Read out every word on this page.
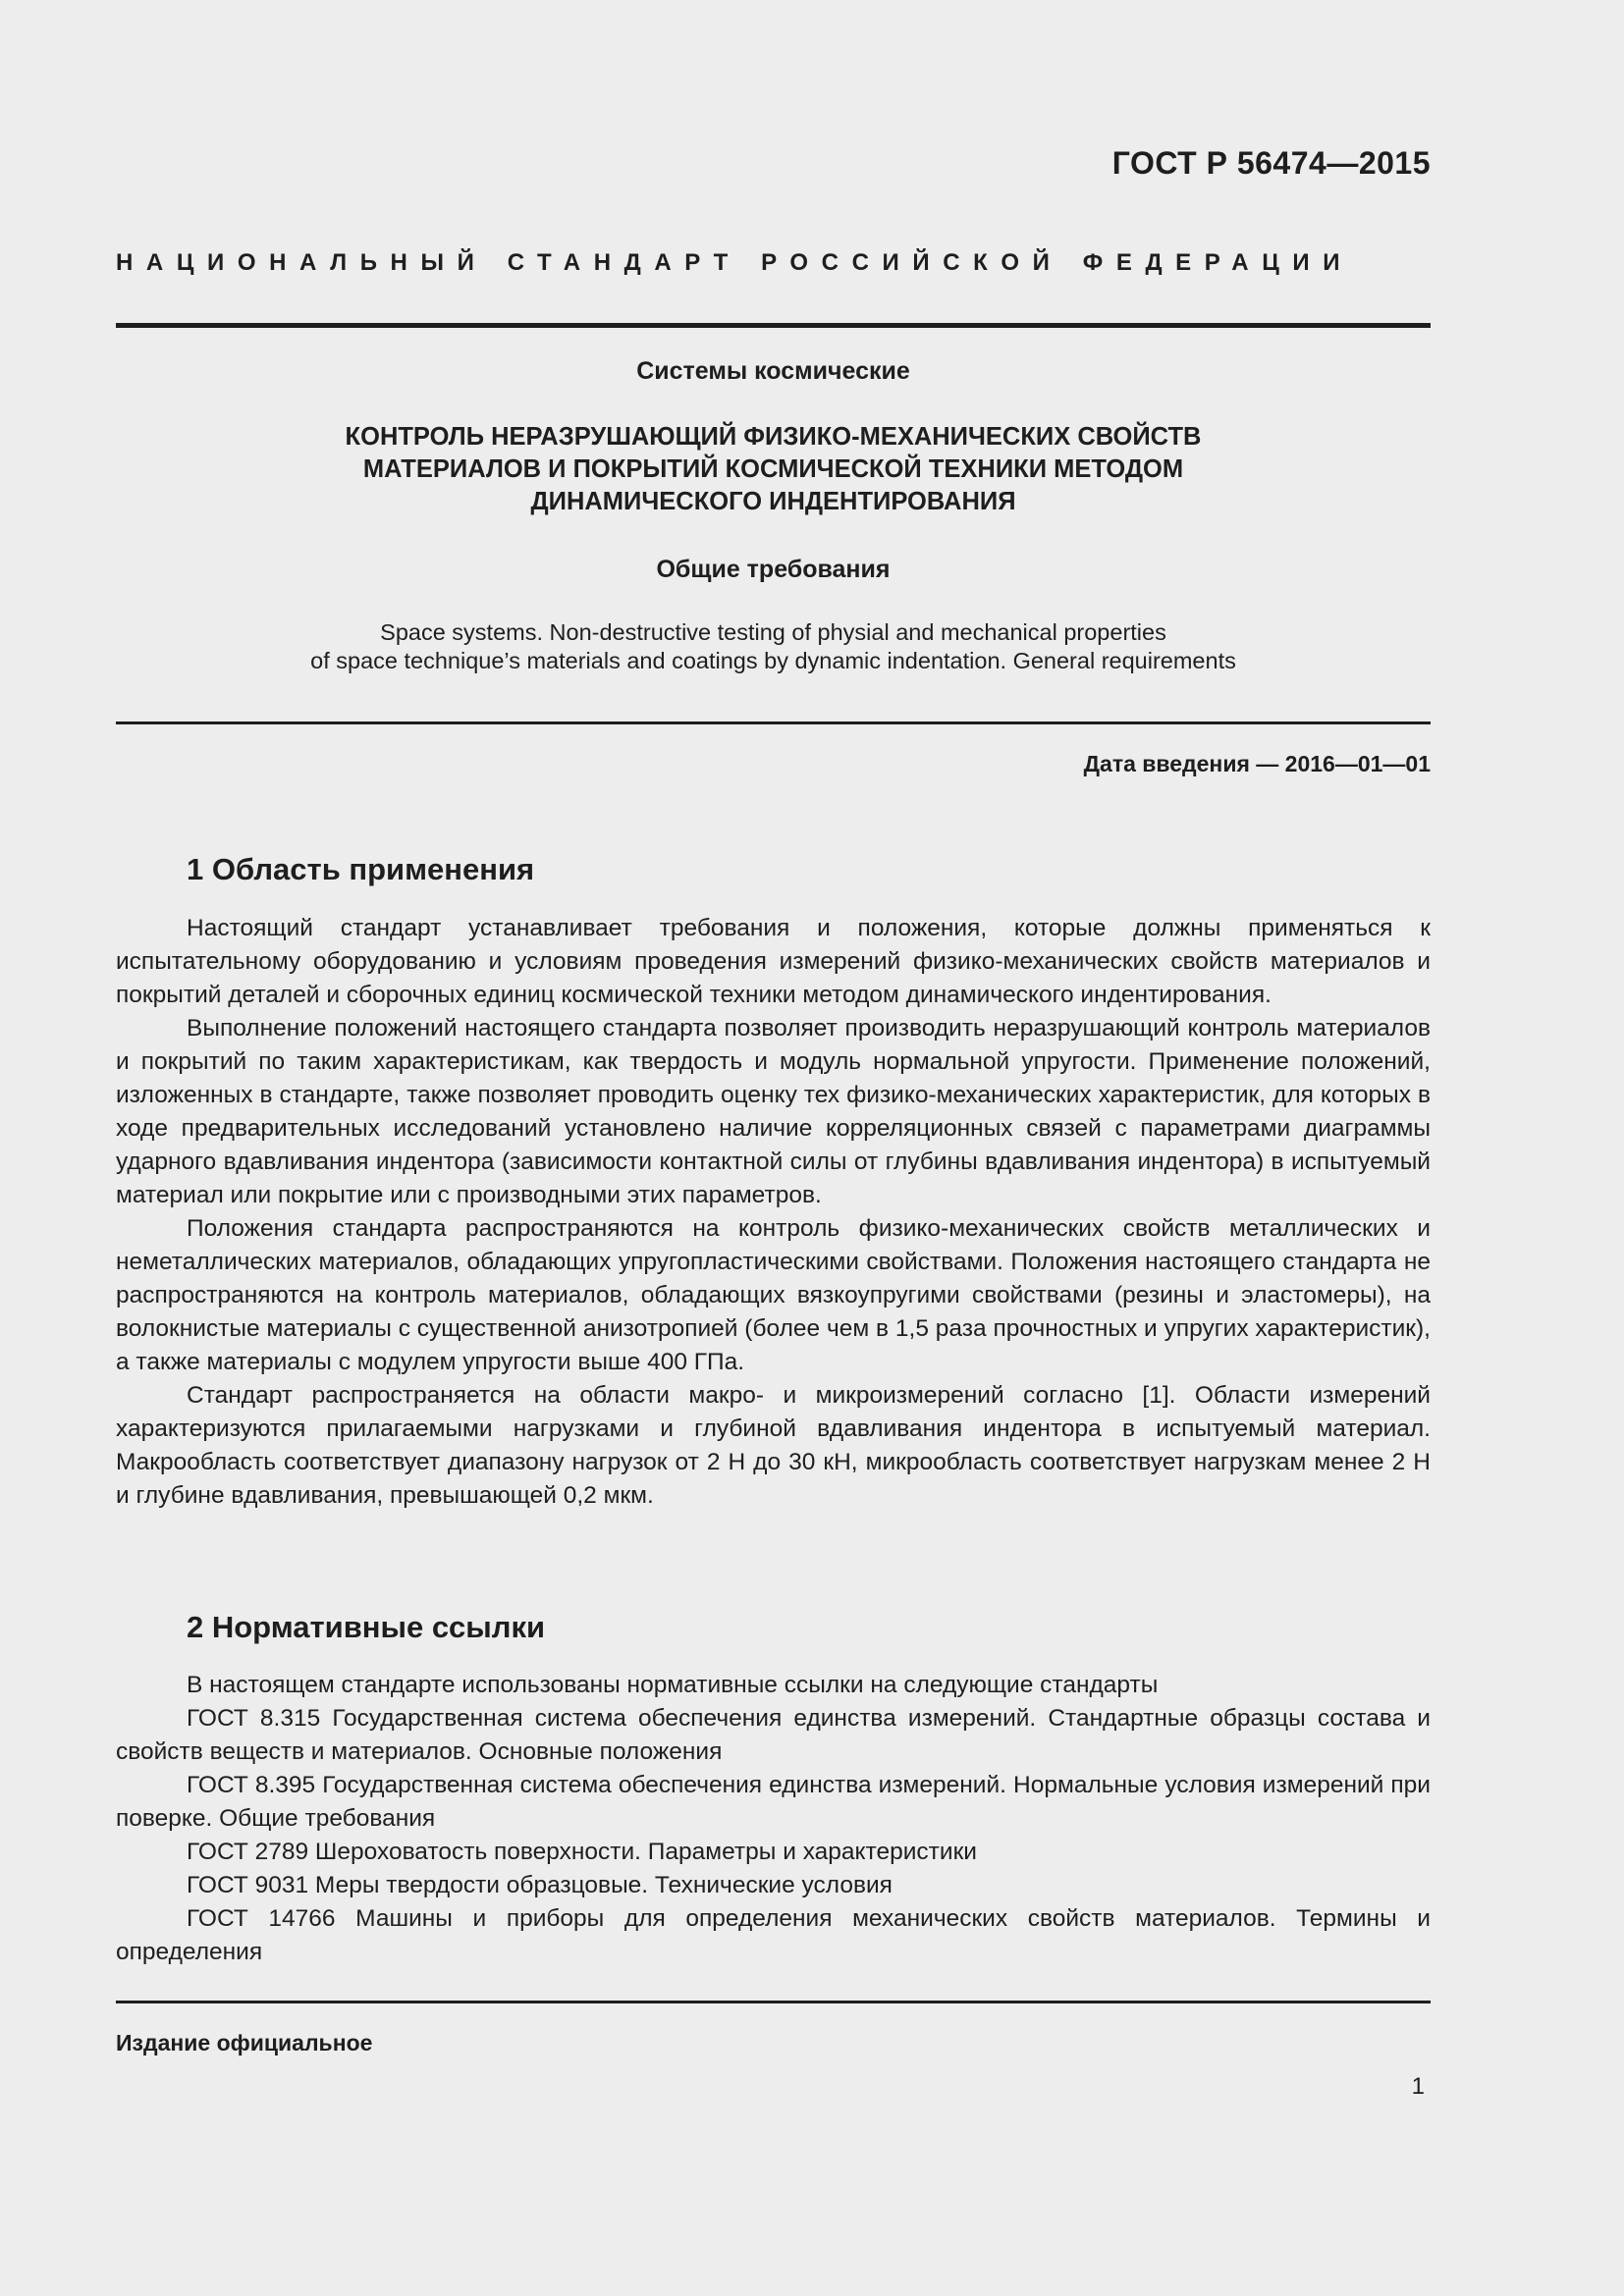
ГОСТ Р 56474—2015
НАЦИОНАЛЬНЫЙ СТАНДАРТ РОССИЙСКОЙ ФЕДЕРАЦИИ
Системы космические
КОНТРОЛЬ НЕРАЗРУШАЮЩИЙ ФИЗИКО-МЕХАНИЧЕСКИХ СВОЙСТВ
МАТЕРИАЛОВ И ПОКРЫТИЙ КОСМИЧЕСКОЙ ТЕХНИКИ МЕТОДОМ
ДИНАМИЧЕСКОГО ИНДЕНТИРОВАНИЯ
Общие требования
Space systems. Non-destructive testing of physial and mechanical properties
of space technique’s materials and coatings by dynamic indentation. General requirements
Дата введения — 2016—01—01
1 Область применения

Настоящий стандарт устанавливает требования и положения, которые должны применяться к испытательному оборудованию и условиям проведения измерений физико-механических свойств материалов и покрытий деталей и сборочных единиц космической техники методом динамического индентирования.

Выполнение положений настоящего стандарта позволяет производить неразрушающий контроль материалов и покрытий по таким характеристикам, как твердость и модуль нормальной упругости. Применение положений, изложенных в стандарте, также позволяет проводить оценку тех физико-механических характеристик, для которых в ходе предварительных исследований установлено наличие корреляционных связей с параметрами диаграммы ударного вдавливания индентора (зависимости контактной силы от глубины вдавливания индентора) в испытуемый материал или покрытие или с производными этих параметров.

Положения стандарта распространяются на контроль физико-механических свойств металлических и неметаллических материалов, обладающих упругопластическими свойствами. Положения настоящего стандарта не распространяются на контроль материалов, обладающих вязкоупругими свойствами (резины и эластомеры), на волокнистые материалы с существенной анизотропией (более чем в 1,5 раза прочностных и упругих характеристик), а также материалы с модулем упругости выше 400 ГПа.

Стандарт распространяется на области макро- и микроизмерений согласно [1]. Области измерений характеризуются прилагаемыми нагрузками и глубиной вдавливания индентора в испытуемый материал. Макрообласть соответствует диапазону нагрузок от 2 Н до 30 кН, микрообласть соответствует нагрузкам менее 2 Н и глубине вдавливания, превышающей 0,2 мкм.

2 Нормативные ссылки

В настоящем стандарте использованы нормативные ссылки на следующие стандарты

ГОСТ 8.315 Государственная система обеспечения единства измерений. Стандартные образцы состава и свойств веществ и материалов. Основные положения

ГОСТ 8.395 Государственная система обеспечения единства измерений. Нормальные условия измерений при поверке. Общие требования

ГОСТ 2789 Шероховатость поверхности. Параметры и характеристики

ГОСТ 9031 Меры твердости образцовые. Технические условия

ГОСТ 14766 Машины и приборы для определения механических свойств материалов. Термины и определения

Издание официальное
1
